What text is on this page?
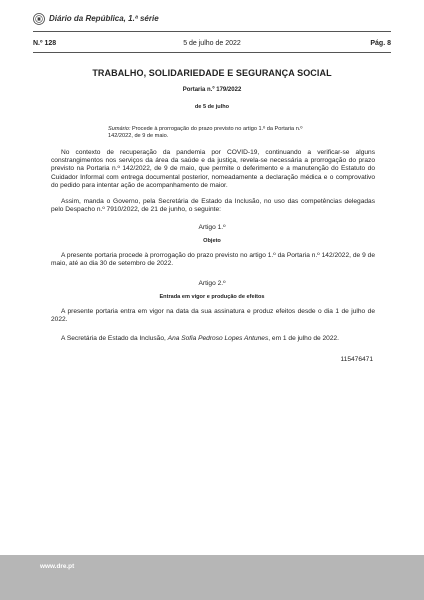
Diário da República, 1.ª série
N.º 128	5 de julho de 2022	Pág. 8
TRABALHO, SOLIDARIEDADE E SEGURANÇA SOCIAL
Portaria n.º 179/2022
de 5 de julho
Sumário: Procede à prorrogação do prazo previsto no artigo 1.º da Portaria n.º 142/2022, de 9 de maio.

No contexto de recuperação da pandemia por COVID-19, continuando a verificar-se alguns constrangimentos nos serviços da área da saúde e da justiça, revela-se necessária a prorrogação do prazo previsto na Portaria n.º 142/2022, de 9 de maio, que permite o deferimento e a manutenção do Estatuto do Cuidador Informal com entrega documental posterior, nomeadamente a declaração médica e o comprovativo do pedido para intentar ação de acompanhamento de maior.

Assim, manda o Governo, pela Secretária de Estado da Inclusão, no uso das competências delegadas pelo Despacho n.º 7910/2022, de 21 de junho, o seguinte:

Artigo 1.º
Objeto

A presente portaria procede à prorrogação do prazo previsto no artigo 1.º da Portaria n.º 142/2022, de 9 de maio, até ao dia 30 de setembro de 2022.

Artigo 2.º
Entrada em vigor e produção de efeitos

A presente portaria entra em vigor na data da sua assinatura e produz efeitos desde o dia 1 de julho de 2022.

A Secretária de Estado da Inclusão, Ana Sofia Pedroso Lopes Antunes, em 1 de julho de 2022.

115476471
www.dre.pt
